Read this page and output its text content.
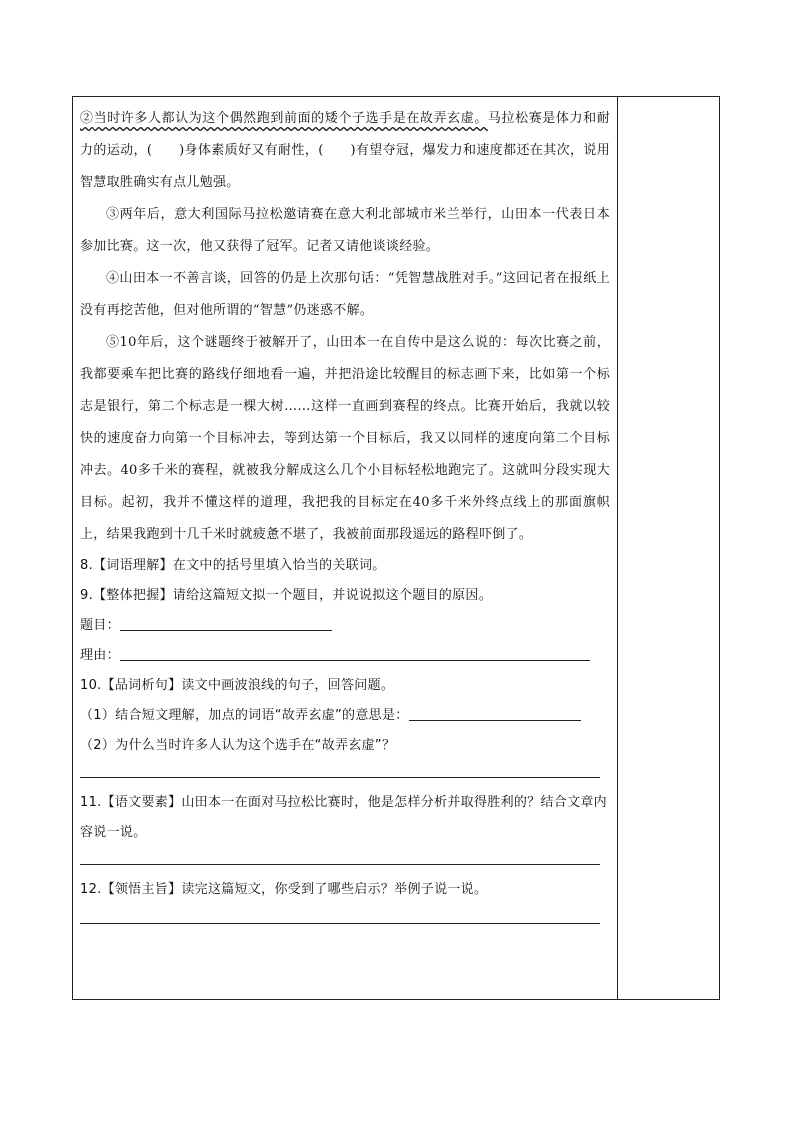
②当时许多人都认为这个偶然跑到前面的矮个子选手是在故弄玄虚。马拉松赛是体力和耐力的运动，(　　)身体素质好又有耐性，(　　)有望夺冠，爆发力和速度都还在其次，说用智慧取胜确实有点儿勉强。

③两年后，意大利国际马拉松邀请赛在意大利北部城市米兰举行，山田本一代表日本参加比赛。这一次，他又获得了冠军。记者又请他谈谈经验。

④山田本一不善言谈，回答的仍是上次那句话：“凭智慧战胜对手。”这回记者在报纸上没有再挖苦他，但对他所谓的“智慧”仍迷惑不解。

⑤10年后，这个谜题终于被解开了，山田本一在自传中是这么说的：每次比赛之前，我都要乘车把比赛的路线仔细地看一遍，并把沿途比较醒目的标志画下来，比如第一个标志是银行，第二个标志是一棵大树……这样一直画到赛程的终点。比赛开始后，我就以较快的速度奋力向第一个目标冲去，等到达第一个目标后，我又以同样的速度向第二个目标冲去。40多千米的赛程，就被我分解成这么几个小目标轻松地跑完了。这就叫分段实现大目标。起初，我并不懂这样的道理，我把我的目标定在40多千米外终点线上的那面旗帜上，结果我跑到十几千米时就疲惫不堪了，我被前面那段遥远的路程吓倒了。

8.【词语理解】在文中的括号里填入恰当的关联词。

9.【整体把握】请给这篇短文拟一个题目，并说说拟这个题目的原因。

题目：

理由：

10.【品词析句】读文中画波浪线的句子，回答问题。

（1）结合短文理解，加点的词语“故弄玄虚”的意思是：

（2）为什么当时许多人认为这个选手在“故弄玄虚”？

11.【语文要素】山田本一在面对马拉松比赛时，他是怎样分析并取得胜利的？结合文章内容说一说。

12.【领悟主旨】读完这篇短文，你受到了哪些启示？举例子说一说。
